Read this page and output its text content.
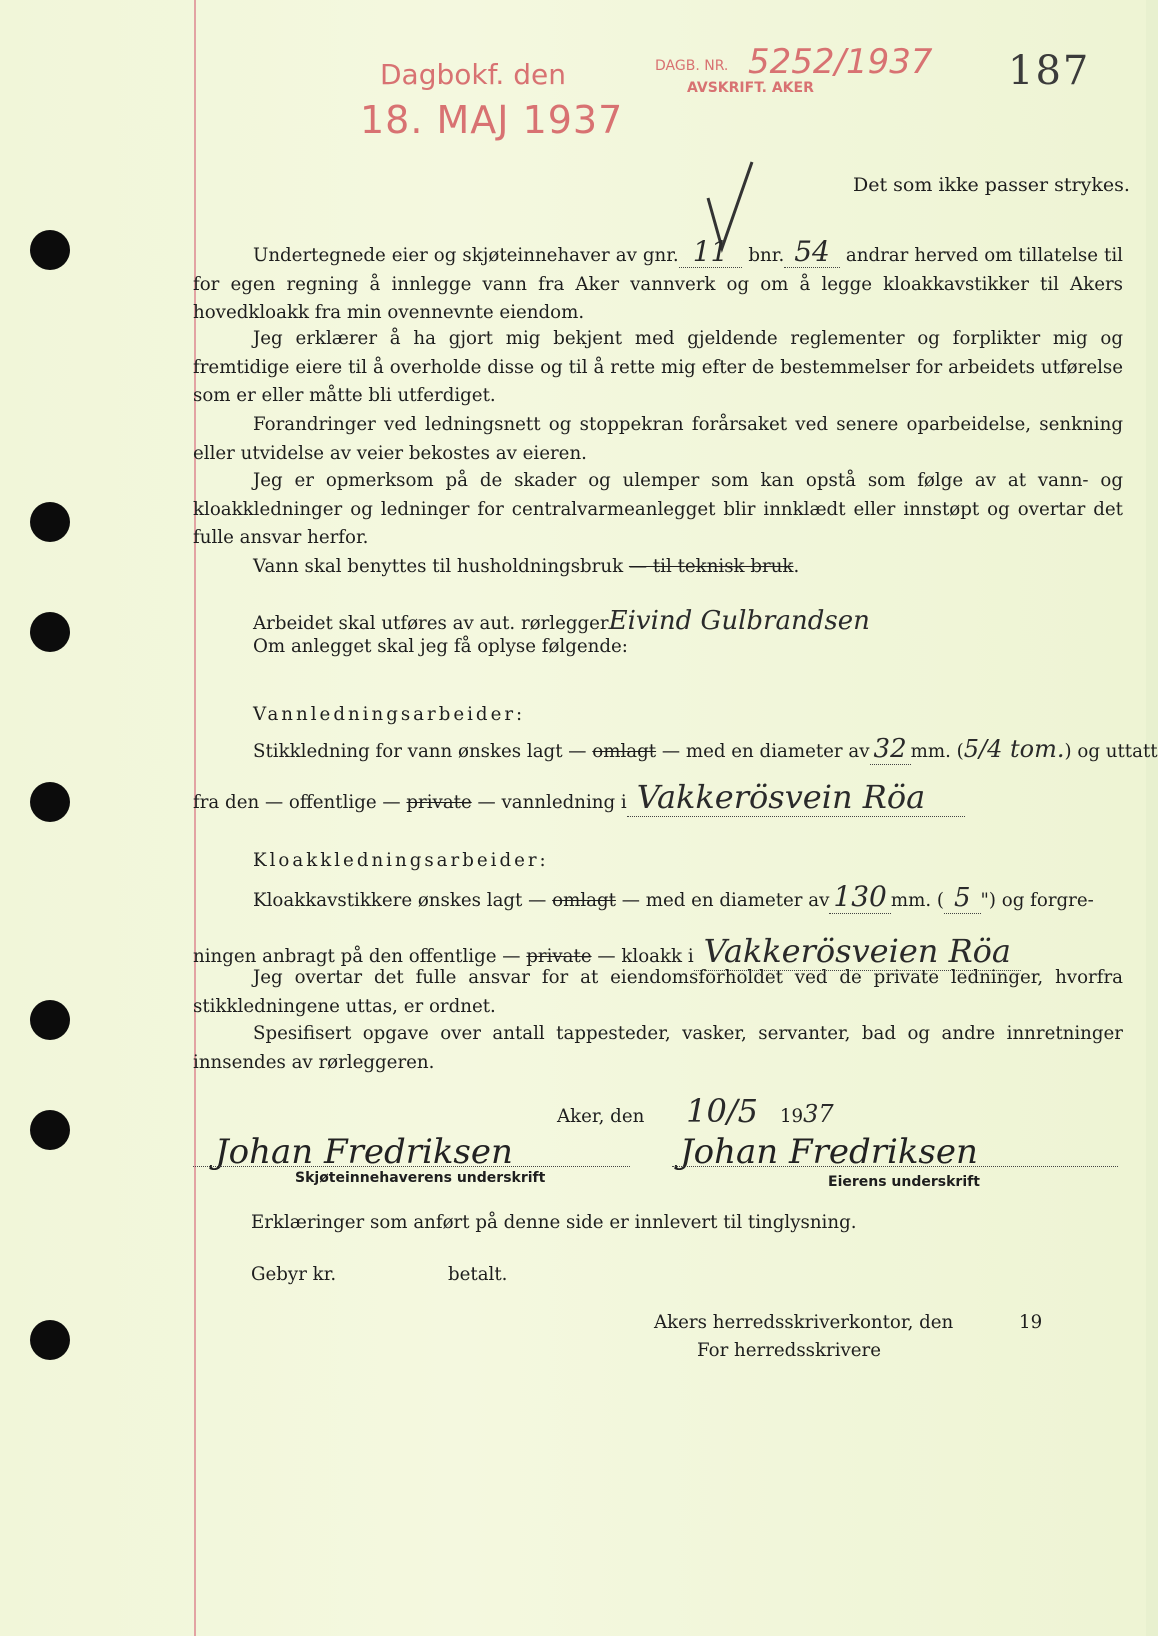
Dagbokf. den
18. MAJ 1937
DAGB. NR. 5252/1937
AVSKRIFT. AKER	187
Det som ikke passer strykes.
Undertegnede eier og skjøteinnehaver av gnr. 11 bnr. 54 andrar herved om tillatelse til for egen regning å innlegge vann fra Aker vannverk og om å legge kloakkavstikker til Akers hovedkloakk fra min ovennevnte eiendom.
Jeg erklærer å ha gjort mig bekjent med gjeldende reglementer og forplikter mig og fremtidige eiere til å overholde disse og til å rette mig efter de bestemmelser for arbeidets utførelse som er eller måtte bli utferdiget.
Forandringer ved ledningsnett og stoppekran forårsaket ved senere oparbeidelse, senkning eller utvidelse av veier bekostes av eieren.
Jeg er opmerksom på de skader og ulemper som kan opstå som følge av at vann- og kloakkledninger og ledninger for centralvarmeanlegget blir innklædt eller innstøpt og overtar det fulle ansvar herfor.
Vann skal benyttes til husholdningsbruk — til teknisk bruk.
Arbeidet skal utføres av aut. rørleggerEivind Gulbrandsen
Om anlegget skal jeg få oplyse følgende:
Vannledningsarbeider:
Stikkledning for vann ønskes lagt — omlagt — med en diameter av 32 mm. (5/4 tom.) og uttatt
fra den — offentlige — private — vannledning i Vakkerösvein Röa
Kloakkledningsarbeider:
Kloakkavstikkere ønskes lagt — omlagt — med en diameter av 130 mm. ( 5 ") og forgre-
ningen anbragt på den offentlige — private — kloakk i Vakkerösveien Röa
Jeg overtar det fulle ansvar for at eiendomsforholdet ved de private ledninger, hvorfra stikkledningene uttas, er ordnet.
Spesifisert opgave over antall tappesteder, vasker, servanter, bad og andre innretninger innsendes av rørleggeren.
Aker, den 10/5 1937
Johan Fredriksen
Skjøteinnehaverens underskrift
Johan Fredriksen
Eierens underskrift
Erklæringer som anført på denne side er innlevert til tinglysning.
Gebyr kr.	betalt.
Akers herredsskriverkontor, den	19
For herredsskrivere
